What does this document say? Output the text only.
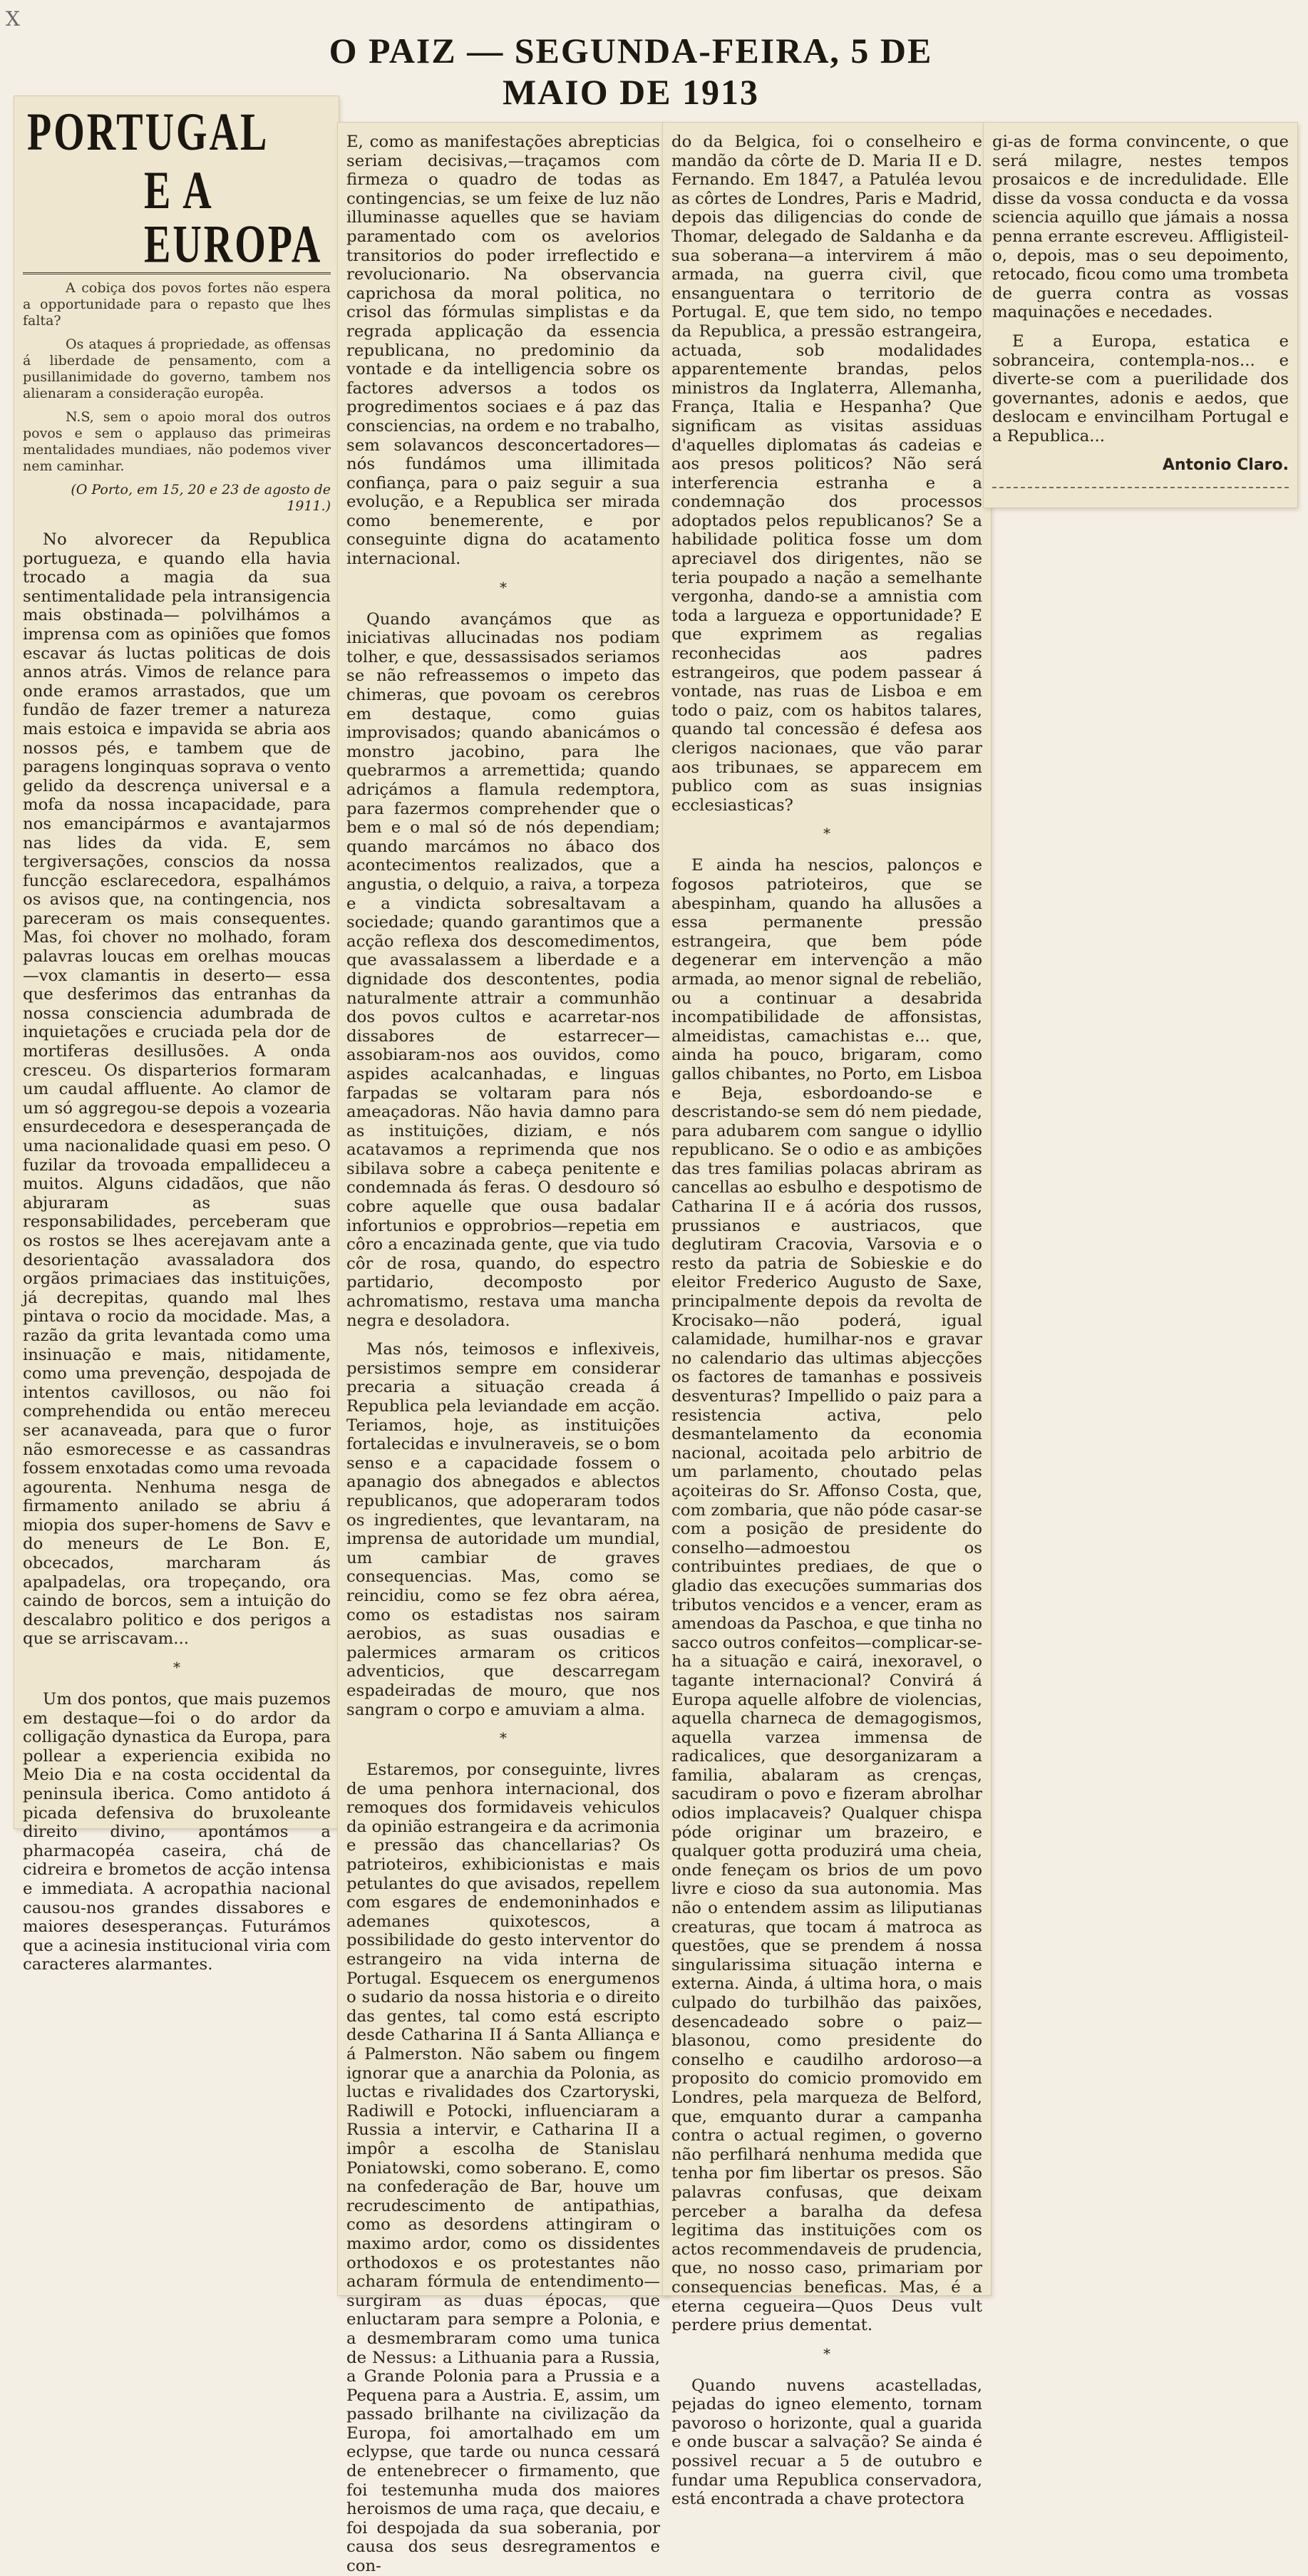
X
O PAIZ — SEGUNDA-FEIRA, 5 DE MAIO DE 1913
PORTUGAL
E A EUROPA

A cobiça dos povos fortes não espera a opportunidade para o repasto que lhes falta?

Os ataques á propriedade, as offensas á liberdade de pensamento, com a pusillanimidade do governo, tambem nos alienaram a consideração europêa.

N.S, sem o apoio moral dos outros povos e sem o applauso das primeiras mentalidades mundiaes, não podemos viver nem caminhar.

(O Porto, em 15, 20 e 23 de agosto de 1911.)

No alvorecer da Republica portugueza, e quando ella havia trocado a magia da sua sentimentalidade pela intransigencia mais obstinada— polvilhámos a imprensa com as opiniões que fomos escavar ás luctas politicas de dois annos atrás. Vimos de relance para onde eramos arrastados, que um fundão de fazer tremer a natureza mais estoica e impavida se abria aos nossos pés, e tambem que de paragens longinquas soprava o vento gelido da descrença universal e a mofa da nossa incapacidade, para nos emancipármos e avantajarmos nas lides da vida. E, sem tergiversações, conscios da nossa funcção esclarecedora, espalhámos os avisos que, na contingencia, nos pareceram os mais consequentes. Mas, foi chover no molhado, foram palavras loucas em orelhas moucas—vox clamantis in deserto— essa que desferimos das entranhas da nossa consciencia adumbrada de inquietações e cruciada pela dor de mortiferas desillusões. A onda cresceu. Os disparterios formaram um caudal affluente. Ao clamor de um só aggregou-se depois a vozearia ensurdecedora e desesperançada de uma nacionalidade quasi em peso. O fuzilar da trovoada empallideceu a muitos. Alguns cidadãos, que não abjuraram as suas responsabilidades, perceberam que os rostos se lhes acerejavam ante a desorientação avassaladora dos orgãos primaciaes das instituições, já decrepitas, quando mal lhes pintava o rocio da mocidade. Mas, a razão da grita levantada como uma insinuação e mais, nitidamente, como uma prevenção, despojada de intentos cavillosos, ou não foi comprehendida ou então mereceu ser acanaveada, para que o furor não esmorecesse e as cassandras fossem enxotadas como uma revoada agourenta. Nenhuma nesga de firmamento anilado se abriu á miopia dos super-homens de Savv e do meneurs de Le Bon. E, obcecados, marcharam ás apalpadelas, ora tropeçando, ora caindo de borcos, sem a intuição do descalabro politico e dos perigos a que se arriscavam...

*

Um dos pontos, que mais puzemos em destaque—foi o do ardor da colligação dynastica da Europa, para pollear a experiencia exibida no Meio Dia e na costa occidental da peninsula iberica. Como antidoto á picada defensiva do bruxoleante direito divino, apontámos a pharmacopéa caseira, chá de cidreira e brometos de acção intensa e immediata. A acropathia nacional causou-nos grandes dissabores e maiores desesperanças. Futurámos que a acinesia institucional viria com caracteres alarmantes.

E, como as manifestações abrepticias seriam decisivas,—traçamos com firmeza o quadro de todas as contingencias, se um feixe de luz não illuminasse aquelles que se haviam paramentado com os avelorios transitorios do poder irreflectido e revolucionario. Na observancia caprichosa da moral politica, no crisol das fórmulas simplistas e da regrada applicação da essencia republicana, no predominio da vontade e da intelligencia sobre os factores adversos a todos os progredimentos sociaes e á paz das consciencias, na ordem e no trabalho, sem solavancos desconcertadores—nós fundámos uma illimitada confiança, para o paiz seguir a sua evolução, e a Republica ser mirada como benemerente, e por conseguinte digna do acatamento internacional.

*

Quando avançámos que as iniciativas allucinadas nos podiam tolher, e que, dessassisados seriamos se não refreassemos o impeto das chimeras, que povoam os cerebros em destaque, como guias improvisados; quando abanicámos o monstro jacobino, para lhe quebrarmos a arremettida; quando adriçámos a flamula redemptora, para fazermos comprehender que o bem e o mal só de nós dependiam; quando marcámos no ábaco dos acontecimentos realizados, que a angustia, o delquio, a raiva, a torpeza e a vindicta sobresaltavam a sociedade; quando garantimos que a acção reflexa dos descomedimentos, que avassalassem a liberdade e a dignidade dos descontentes, podia naturalmente attrair a communhão dos povos cultos e acarretar-nos dissabores de estarrecer—assobiaram-nos aos ouvidos, como aspides acalcanhadas, e linguas farpadas se voltaram para nós ameaçadoras. Não havia damno para as instituições, diziam, e nós acatavamos a reprimenda que nos sibilava sobre a cabeça penitente e condemnada ás feras. O desdouro só cobre aquelle que ousa badalar infortunios e opprobrios—repetia em côro a encazinada gente, que via tudo côr de rosa, quando, do espectro partidario, decomposto por achromatismo, restava uma mancha negra e desoladora.

Mas nós, teimosos e inflexiveis, persistimos sempre em considerar precaria a situação creada á Republica pela leviandade em acção. Teriamos, hoje, as instituições fortalecidas e invulneraveis, se o bom senso e a capacidade fossem o apanagio dos abnegados e ablectos republicanos, que adoperaram todos os ingredientes, que levantaram, na imprensa de autoridade um mundial, um cambiar de graves consequencias. Mas, como se reincidiu, como se fez obra aérea, como os estadistas nos sairam aerobios, as suas ousadias e palermices armaram os criticos adventicios, que descarregam espadeiradas de mouro, que nos sangram o corpo e amuviam a alma.

*

Estaremos, por conseguinte, livres de uma penhora internacional, dos remoques dos formidaveis vehiculos da opinião estrangeira e da acrimonia e pressão das chancellarias? Os patrioteiros, exhibicionistas e mais petulantes do que avisados, repellem com esgares de endemoninhados e ademanes quixotescos, a possibilidade do gesto interventor do estrangeiro na vida interna de Portugal. Esquecem os energumenos o sudario da nossa historia e o direito das gentes, tal como está escripto desde Catharina II á Santa Alliança e á Palmerston. Não sabem ou fingem ignorar que a anarchia da Polonia, as luctas e rivalidades dos Czartoryski, Radiwill e Potocki, influenciaram a Russia a intervir, e Catharina II a impôr a escolha de Stanislau Poniatowski, como soberano. E, como na confederação de Bar, houve um recrudescimento de antipathias, como as desordens attingiram o maximo ardor, como os dissidentes orthodoxos e os protestantes não acharam fórmula de entendimento—surgiram as duas épocas, que enluctaram para sempre a Polonia, e a desmembraram como uma tunica de Nessus: a Lithuania para a Russia, a Grande Polonia para a Prussia e a Pequena para a Austria. E, assim, um passado brilhante na civilização da Europa, foi amortalhado em um eclypse, que tarde ou nunca cessará de entenebrecer o firmamento, que foi testemunha muda dos maiores heroismos de uma raça, que decaiu, e foi despojada da sua soberania, por causa dos seus desregramentos e con-

do da Belgica, foi o conselheiro e mandão da côrte de D. Maria II e D. Fernando. Em 1847, a Patuléa levou as côrtes de Londres, Paris e Madrid, depois das diligencias do conde de Thomar, delegado de Saldanha e da sua soberana—a intervirem á mão armada, na guerra civil, que ensanguentara o territorio de Portugal. E, que tem sido, no tempo da Republica, a pressão estrangeira, actuada, sob modalidades apparentemente brandas, pelos ministros da Inglaterra, Allemanha, França, Italia e Hespanha? Que significam as visitas assiduas d'aquelles diplomatas ás cadeias e aos presos politicos? Não será interferencia estranha e a condemnação dos processos adoptados pelos republicanos? Se a habilidade politica fosse um dom apreciavel dos dirigentes, não se teria poupado a nação a semelhante vergonha, dando-se a amnistia com toda a largueza e opportunidade? E que exprimem as regalias reconhecidas aos padres estrangeiros, que podem passear á vontade, nas ruas de Lisboa e em todo o paiz, com os habitos talares, quando tal concessão é defesa aos clerigos nacionaes, que vão parar aos tribunaes, se apparecem em publico com as suas insignias ecclesiasticas?

*

E ainda ha nescios, palonços e fogosos patrioteiros, que se abespinham, quando ha allusões a essa permanente pressão estrangeira, que bem póde degenerar em intervenção a mão armada, ao menor signal de rebelião, ou a continuar a desabrida incompatibilidade de affonsistas, almeidistas, camachistas e... que, ainda ha pouco, brigaram, como gallos chibantes, no Porto, em Lisboa e Beja, esbordoando-se e descristando-se sem dó nem piedade, para adubarem com sangue o idyllio republicano. Se o odio e as ambições das tres familias polacas abriram as cancellas ao esbulho e despotismo de Catharina II e á acória dos russos, prussianos e austriacos, que deglutiram Cracovia, Varsovia e o resto da patria de Sobieskie e do eleitor Frederico Augusto de Saxe, principalmente depois da revolta de Krocisako—não poderá, igual calamidade, humilhar-nos e gravar no calendario das ultimas abjecções os factores de tamanhas e possiveis desventuras? Impellido o paiz para a resistencia activa, pelo desmantelamento da economia nacional, acoitada pelo arbitrio de um parlamento, choutado pelas açoiteiras do Sr. Affonso Costa, que, com zombaria, que não póde casar-se com a posição de presidente do conselho—admoestou os contribuintes prediaes, de que o gladio das execuções summarias dos tributos vencidos e a vencer, eram as amendoas da Paschoa, e que tinha no sacco outros confeitos—complicar-se-ha a situação e cairá, inexoravel, o tagante internacional? Convirá á Europa aquelle alfobre de violencias, aquella charneca de demagogismos, aquella varzea immensa de radicalices, que desorganizaram a familia, abalaram as crenças, sacudiram o povo e fizeram abrolhar odios implacaveis? Qualquer chispa póde originar um brazeiro, e qualquer gotta produzirá uma cheia, onde feneçam os brios de um povo livre e cioso da sua autonomia. Mas não o entendem assim as liliputianas creaturas, que tocam á matroca as questões, que se prendem á nossa singularissima situação interna e externa. Ainda, á ultima hora, o mais culpado do turbilhão das paixões, desencadeado sobre o paiz—blasonou, como presidente do conselho e caudilho ardoroso—a proposito do comicio promovido em Londres, pela marqueza de Belford, que, emquanto durar a campanha contra o actual regimen, o governo não perfilhará nenhuma medida que tenha por fim libertar os presos. São palavras confusas, que deixam perceber a baralha da defesa legitima das instituições com os actos recommendaveis de prudencia, que, no nosso caso, primariam por consequencias beneficas. Mas, é a eterna cegueira—Quos Deus vult perdere prius dementat.

*

Quando nuvens acastelladas, pejadas do igneo elemento, tornam pavoroso o horizonte, qual a guarida e onde buscar a salvação? Se ainda é possivel recuar a 5 de outubro e fundar uma Republica conservadora, está encontrada a chave protectora

gi-as de forma convincente, o que será milagre, nestes tempos prosaicos e de incredulidade. Elle disse da vossa conducta e da vossa sciencia aquillo que jámais a nossa penna errante escreveu. Affligisteil-o, depois, mas o seu depoimento, retocado, ficou como uma trombeta de guerra contra as vossas maquinações e necedades.

E a Europa, estatica e sobranceira, contempla-nos... e diverte-se com a puerilidade dos governantes, adonis e aedos, que deslocam e envincilham Portugal e a Republica...

Antonio Claro.
